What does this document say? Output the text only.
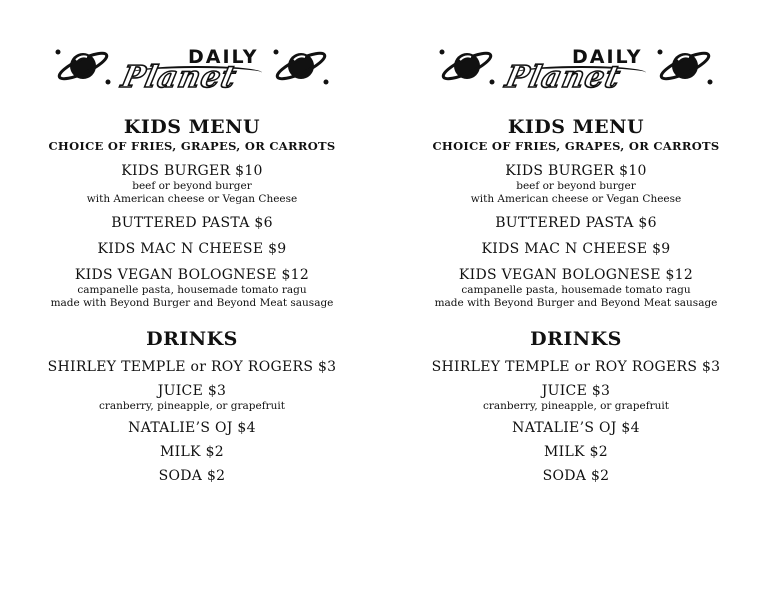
DAILY
Planet
KIDS MENU
CHOICE OF FRIES, GRAPES, OR CARROTS
KIDS BURGER $10
beef or beyond burger
with American cheese or Vegan Cheese
BUTTERED PASTA $6
KIDS MAC N CHEESE $9
KIDS VEGAN BOLOGNESE $12
campanelle pasta, housemade tomato ragu
made with Beyond Burger and Beyond Meat sausage
DRINKS
SHIRLEY TEMPLE or ROY ROGERS $3
JUICE $3
cranberry, pineapple, or grapefruit
NATALIE’S OJ $4
MILK $2
SODA $2
DAILY
Planet
KIDS MENU
CHOICE OF FRIES, GRAPES, OR CARROTS
KIDS BURGER $10
beef or beyond burger
with American cheese or Vegan Cheese
BUTTERED PASTA $6
KIDS MAC N CHEESE $9
KIDS VEGAN BOLOGNESE $12
campanelle pasta, housemade tomato ragu
made with Beyond Burger and Beyond Meat sausage
DRINKS
SHIRLEY TEMPLE or ROY ROGERS $3
JUICE $3
cranberry, pineapple, or grapefruit
NATALIE’S OJ $4
MILK $2
SODA $2
